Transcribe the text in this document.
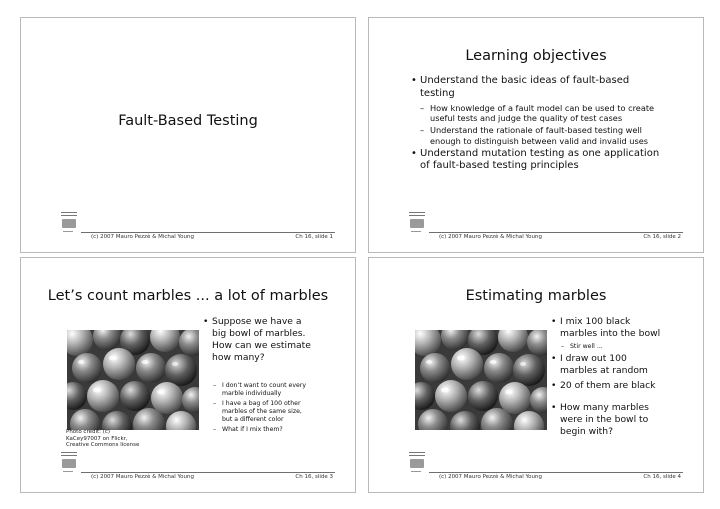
Fault-Based Testing
(c) 2007 Mauro Pezzè & Michal Young	Ch 16, slide 1
Learning objectives
• Understand the basic ideas of fault-based testing
– How knowledge of a fault model can be used to create useful tests and judge the quality of test cases
– Understand the rationale of fault-based testing well enough to distinguish between valid and invalid uses
• Understand mutation testing as one application of fault-based testing principles
(c) 2007 Mauro Pezzè & Michal Young	Ch 16, slide 2
Let’s count marbles ... a lot of marbles
Photo credit: (c) KaCey97007 on Flickr, Creative Commons license
• Suppose we have a big bowl of marbles. How can we estimate how many?
– I don’t want to count every marble individually
– I have a bag of 100 other marbles of the same size, but a different color
– What if I mix them?
(c) 2007 Mauro Pezzè & Michal Young	Ch 16, slide 3
Estimating marbles
• I mix 100 black marbles into the bowl
– Stir well ...
• I draw out 100 marbles at random
• 20 of them are black
• How many marbles were in the bowl to begin with?
(c) 2007 Mauro Pezzè & Michal Young	Ch 16, slide 4
